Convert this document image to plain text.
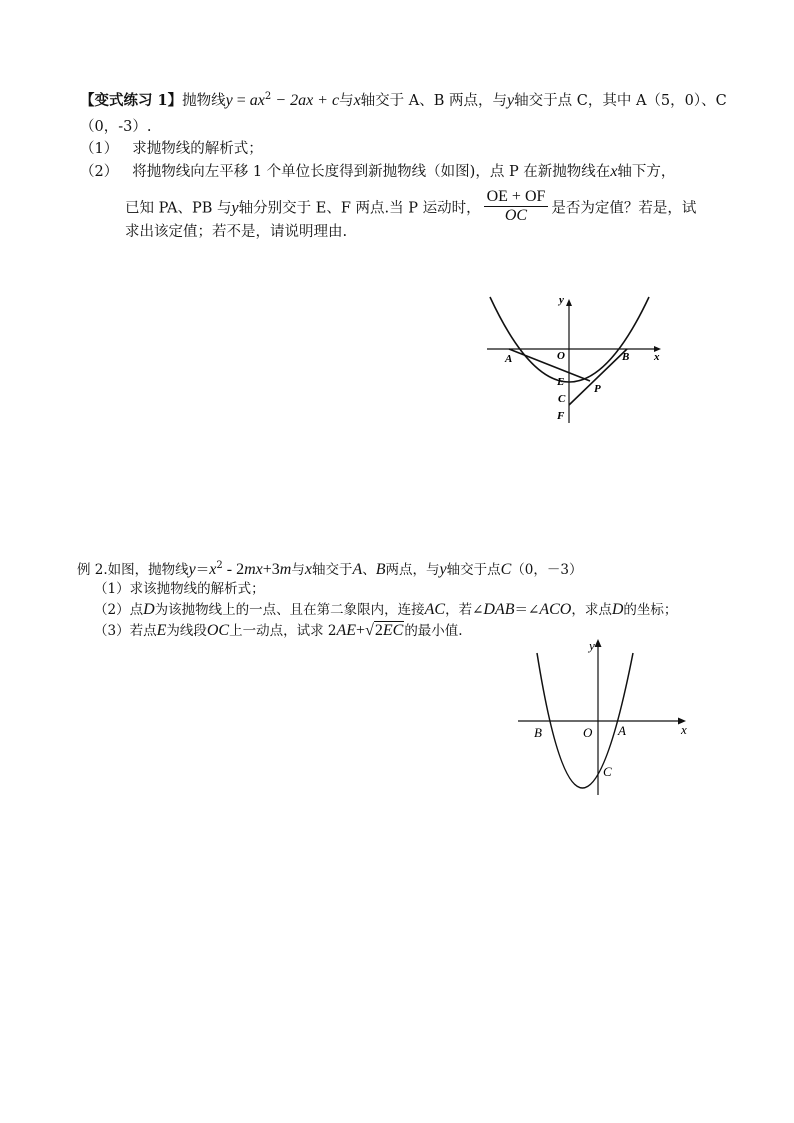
【变式练习 1】抛物线$y = ax^2 - 2ax + c$与x轴交于 A、B 两点，与y轴交于点 C，其中 A（5，0）、C
（0，-3）.
（1） 求抛物线的解析式；
（2） 将抛物线向左平移 1 个单位长度得到新抛物线（如图)，点 P 在新抛物线在x轴下方，
已知 PA、PB 与y轴分别交于 E、F 两点.当 P 运动时， $\frac{OE + OF}{OC}$ 是否为定值？若是，试
求出该定值；若不是，请说明理由.
y
x
O
A	B
E
C
P
F
例 2.如图，抛物线$y=x^2 - 2mx+3m$与x轴交于A、B两点，与y轴交于点C（0，－3）
（1）求该抛物线的解析式；
（2）点D为该抛物线上的一点、且在第二象限内，连接AC，若∠DAB＝∠ACO，求点D的坐标；
（3）若点E为线段OC上一动点，试求 2AE+√2EC的最小值.
y
x
B	O A
C
